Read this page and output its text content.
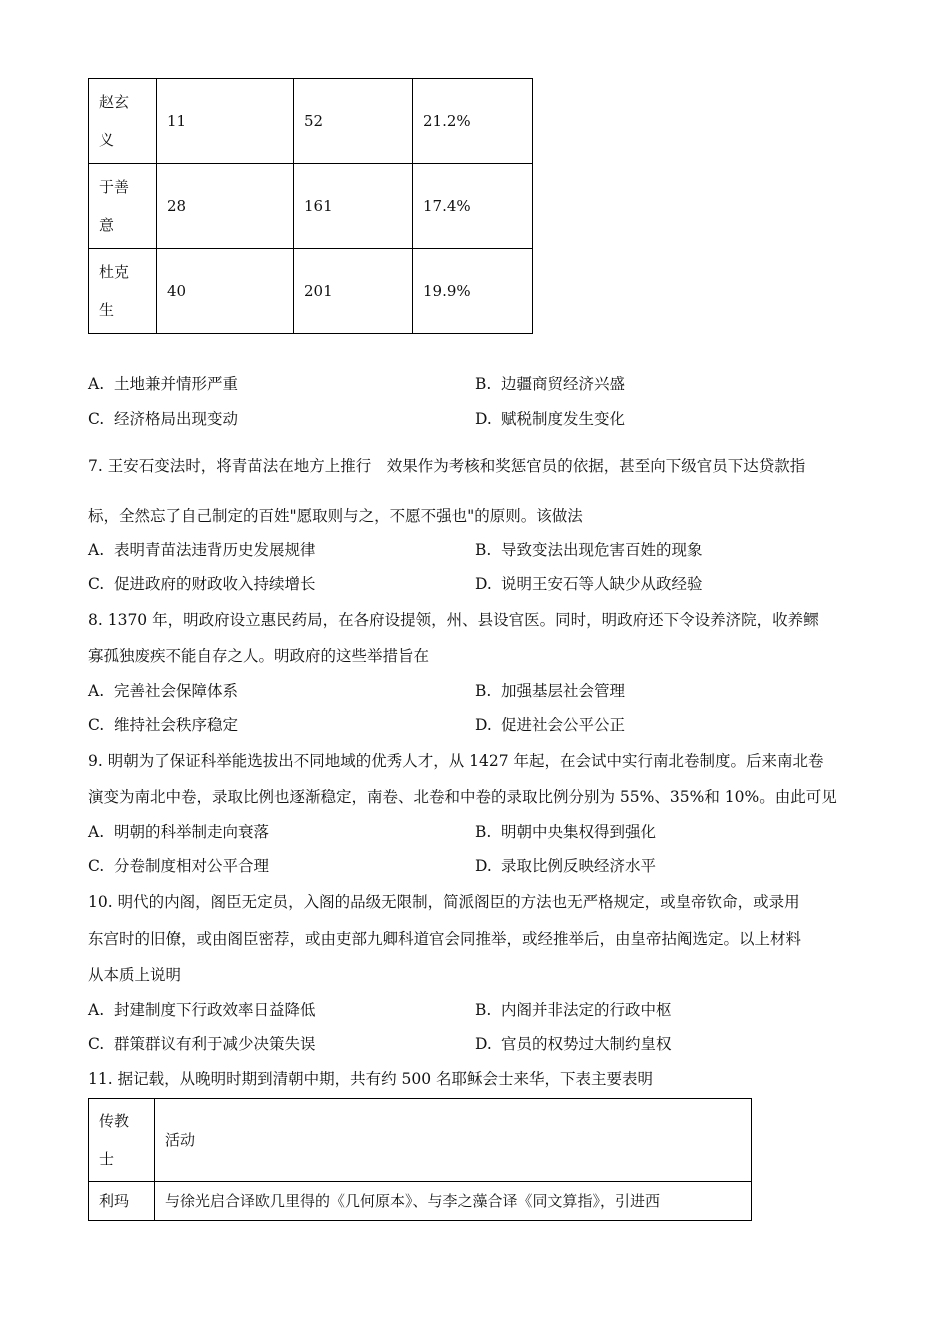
赵玄
义	11	52	21.2%
于善
意	28	161	17.4%
杜克
生	40	201	19.9%
A. 土地兼并情形严重	B. 边疆商贸经济兴盛
C. 经济格局出现变动	D. 赋税制度发生变化
7. 王安石变法时，将青苗法在地方上推行　效果作为考核和奖惩官员的依据，甚至向下级官员下达贷款指
标，全然忘了自己制定的百姓"愿取则与之，不愿不强也"的原则。该做法
A. 表明青苗法违背历史发展规律	B. 导致变法出现危害百姓的现象
C. 促进政府的财政收入持续增长	D. 说明王安石等人缺少从政经验
8. 1370 年，明政府设立惠民药局，在各府设提领，州、县设官医。同时，明政府还下令设养济院，收养鳏
寡孤独废疾不能自存之人。明政府的这些举措旨在
A. 完善社会保障体系	B. 加强基层社会管理
C. 维持社会秩序稳定	D. 促进社会公平公正
9. 明朝为了保证科举能选拔出不同地域的优秀人才，从 1427 年起，在会试中实行南北卷制度。后来南北卷
演变为南北中卷，录取比例也逐渐稳定，南卷、北卷和中卷的录取比例分别为 55%、35%和 10%。由此可见
A. 明朝的科举制走向衰落	B. 明朝中央集权得到强化
C. 分卷制度相对公平合理	D. 录取比例反映经济水平
10. 明代的内阁，阁臣无定员，入阁的品级无限制，简派阁臣的方法也无严格规定，或皇帝钦命，或录用
东宫时的旧僚，或由阁臣密荐，或由吏部九卿科道官会同推举，或经推举后，由皇帝拈阄选定。以上材料
从本质上说明
A. 封建制度下行政效率日益降低	B. 内阁并非法定的行政中枢
C. 群策群议有利于减少决策失误	D. 官员的权势过大制约皇权
11. 据记载，从晚明时期到清朝中期，共有约 500 名耶稣会士来华，下表主要表明
传教
士	活动
利玛	与徐光启合译欧几里得的《几何原本》、与李之藻合译《同文算指》，引进西
